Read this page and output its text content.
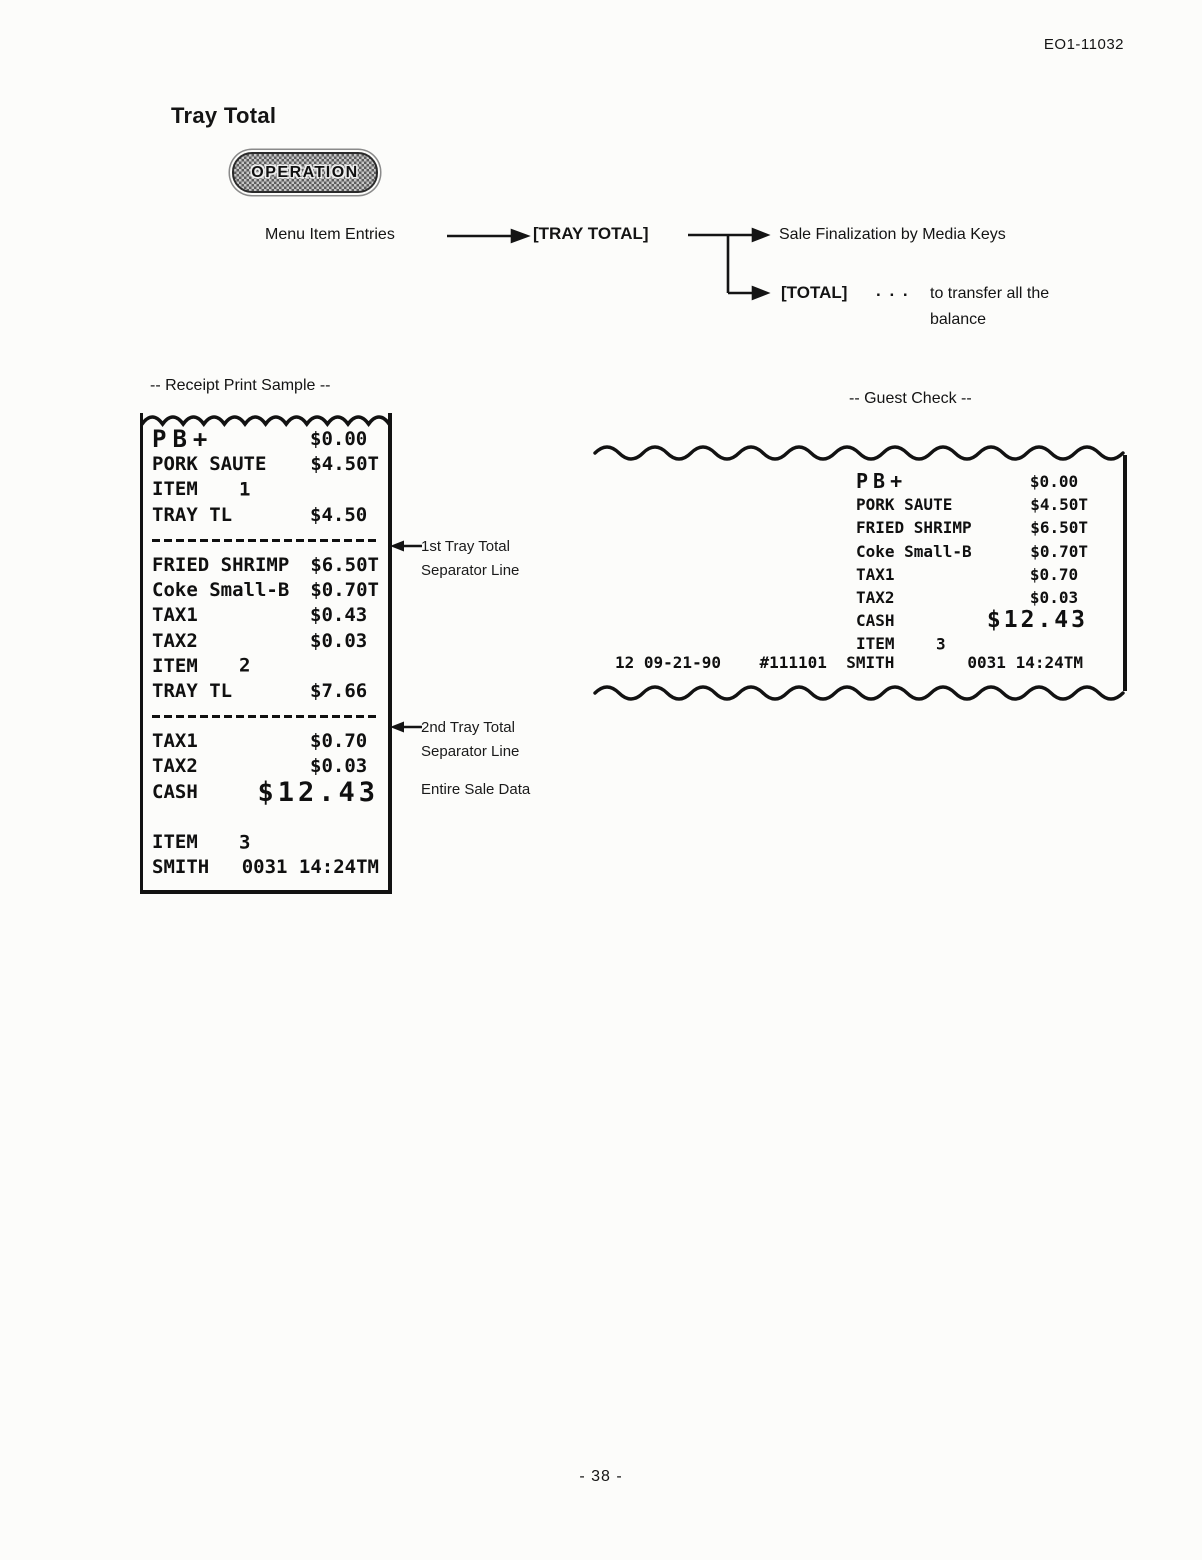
EO1-11032
Tray Total
OPERATION
Menu Item Entries	[TRAY TOTAL]	Sale Finalization by Media Keys
[TOTAL] . . . to transfer all the
balance
-- Receipt Print Sample --
PB+	$0.00
PORK SAUTE $4.50T
ITEM 1
TRAY TL	$4.50
FRIED SHRIMP $6.50T
Coke Small-B $0.70T
TAX1	$0.43
TAX2	$0.03
ITEM 2
TRAY TL	$7.66
TAX1	$0.70
TAX2	$0.03
CASH $12.43
ITEM 3
SMITH 0031 14:24TM
1st Tray Total
Separator Line
2nd Tray Total
Separator Line
Entire Sale Data
-- Guest Check --
PB+	$0.00
PORK SAUTE	$4.50T
FRIED SHRIMP	$6.50T
Coke Small-B	$0.70T
TAX1	$0.70
TAX2	$0.03
CASH	$12.43
ITEM	3
12 09-21-90    #111101  SMITH	0031 14:24TM
- 38 -
